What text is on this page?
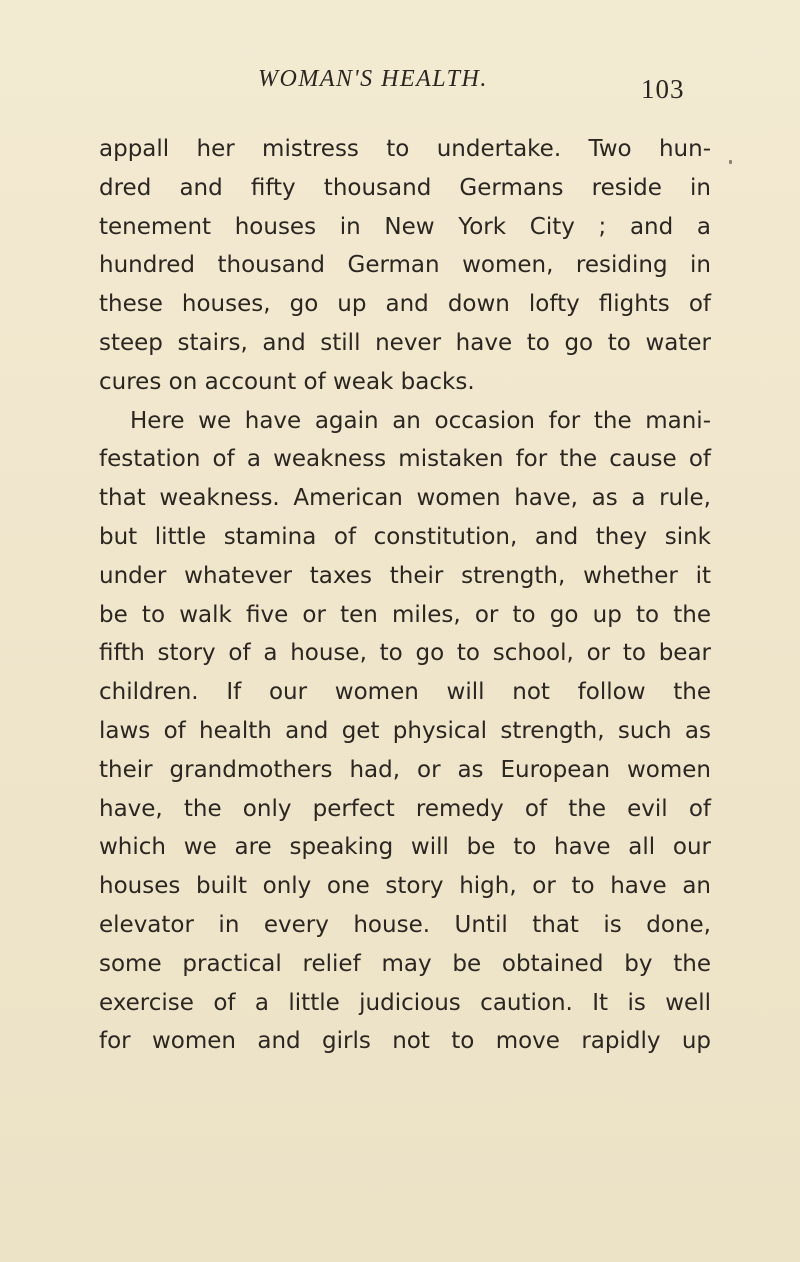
WOMAN'S HEALTH.	103
appall her mistress to undertake. Two hun-
dred and fifty thousand Germans reside in
tenement houses in New York City ; and a
hundred thousand German women, residing in
these houses, go up and down lofty flights of
steep stairs, and still never have to go to water
cures on account of weak backs.
Here we have again an occasion for the mani-
festation of a weakness mistaken for the cause of
that weakness. American women have, as a rule,
but little stamina of constitution, and they sink
under whatever taxes their strength, whether it
be to walk five or ten miles, or to go up to the
fifth story of a house, to go to school, or to bear
children. If our women will not follow the
laws of health and get physical strength, such as
their grandmothers had, or as European women
have, the only perfect remedy of the evil of
which we are speaking will be to have all our
houses built only one story high, or to have an
elevator in every house. Until that is done,
some practical relief may be obtained by the
exercise of a little judicious caution. It is well
for women and girls not to move rapidly up
